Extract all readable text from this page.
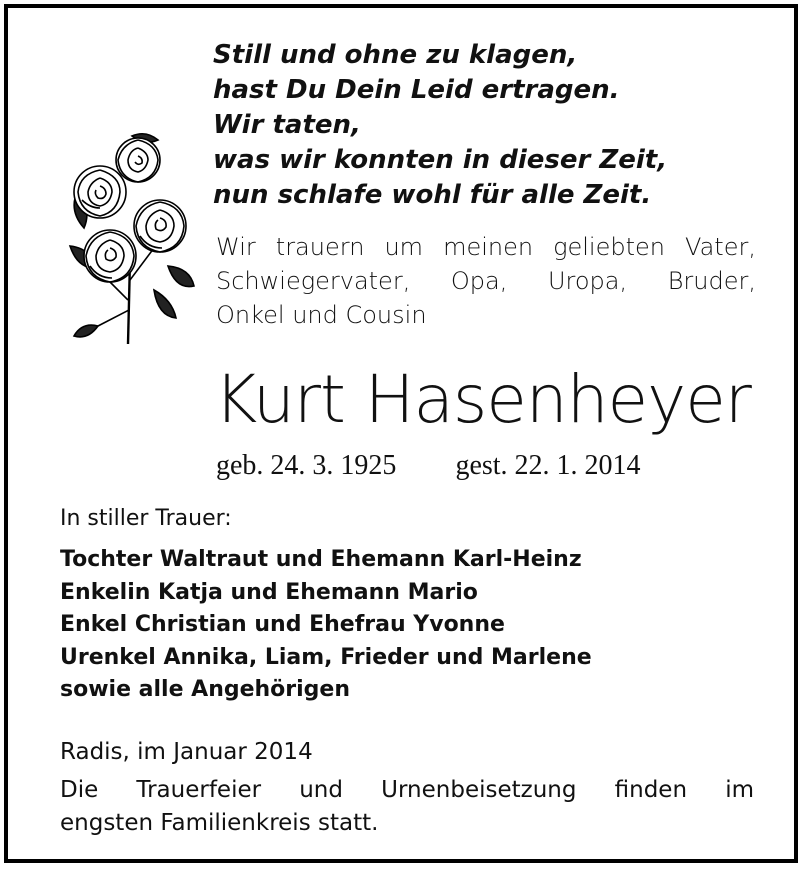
Still und ohne zu klagen,
hast Du Dein Leid ertragen.
Wir taten,
was wir konnten in dieser Zeit,
nun schlafe wohl für alle Zeit.
Wir trauern um meinen geliebten Vater,
Schwiegervater, Opa, Uropa, Bruder,
Onkel und Cousin
Kurt Hasenheyer
geb. 24. 3. 1925 gest. 22. 1. 2014
In stiller Trauer:
Tochter Waltraut und Ehemann Karl-Heinz
Enkelin Katja und Ehemann Mario
Enkel Christian und Ehefrau Yvonne
Urenkel Annika, Liam, Frieder und Marlene
sowie alle Angehörigen
Radis, im Januar 2014
Die Trauerfeier und Urnenbeisetzung finden im
engsten Familienkreis statt.
